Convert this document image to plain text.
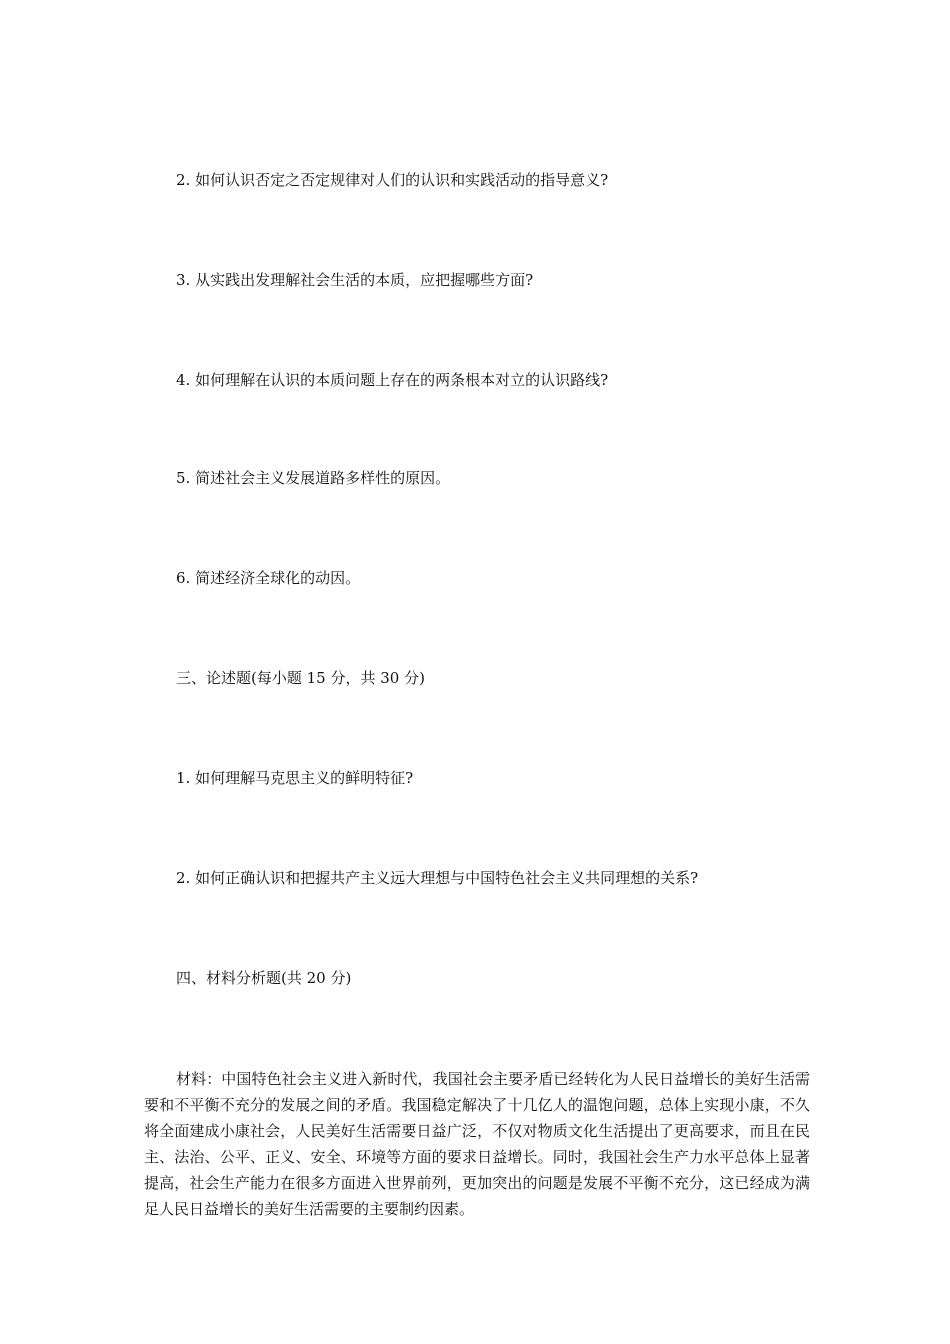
2. 如何认识否定之否定规律对人们的认识和实践活动的指导意义?

3. 从实践出发理解社会生活的本质，应把握哪些方面?

4. 如何理解在认识的本质问题上存在的两条根本对立的认识路线?

5. 简述社会主义发展道路多样性的原因。

6. 简述经济全球化的动因。

三、论述题(每小题 15 分，共 30 分)

1. 如何理解马克思主义的鲜明特征?

2. 如何正确认识和把握共产主义远大理想与中国特色社会主义共同理想的关系?

四、材料分析题(共 20 分)

材料：中国特色社会主义进入新时代，我国社会主要矛盾已经转化为人民日益增长的美好生活需要和不平衡不充分的发展之间的矛盾。我国稳定解决了十几亿人的温饱问题，总体上实现小康，不久将全面建成小康社会，人民美好生活需要日益广泛，不仅对物质文化生活提出了更高要求，而且在民主、法治、公平、正义、安全、环境等方面的要求日益增长。同时，我国社会生产力水平总体上显著提高，社会生产能力在很多方面进入世界前列，更加突出的问题是发展不平衡不充分，这已经成为满足人民日益增长的美好生活需要的主要制约因素。
